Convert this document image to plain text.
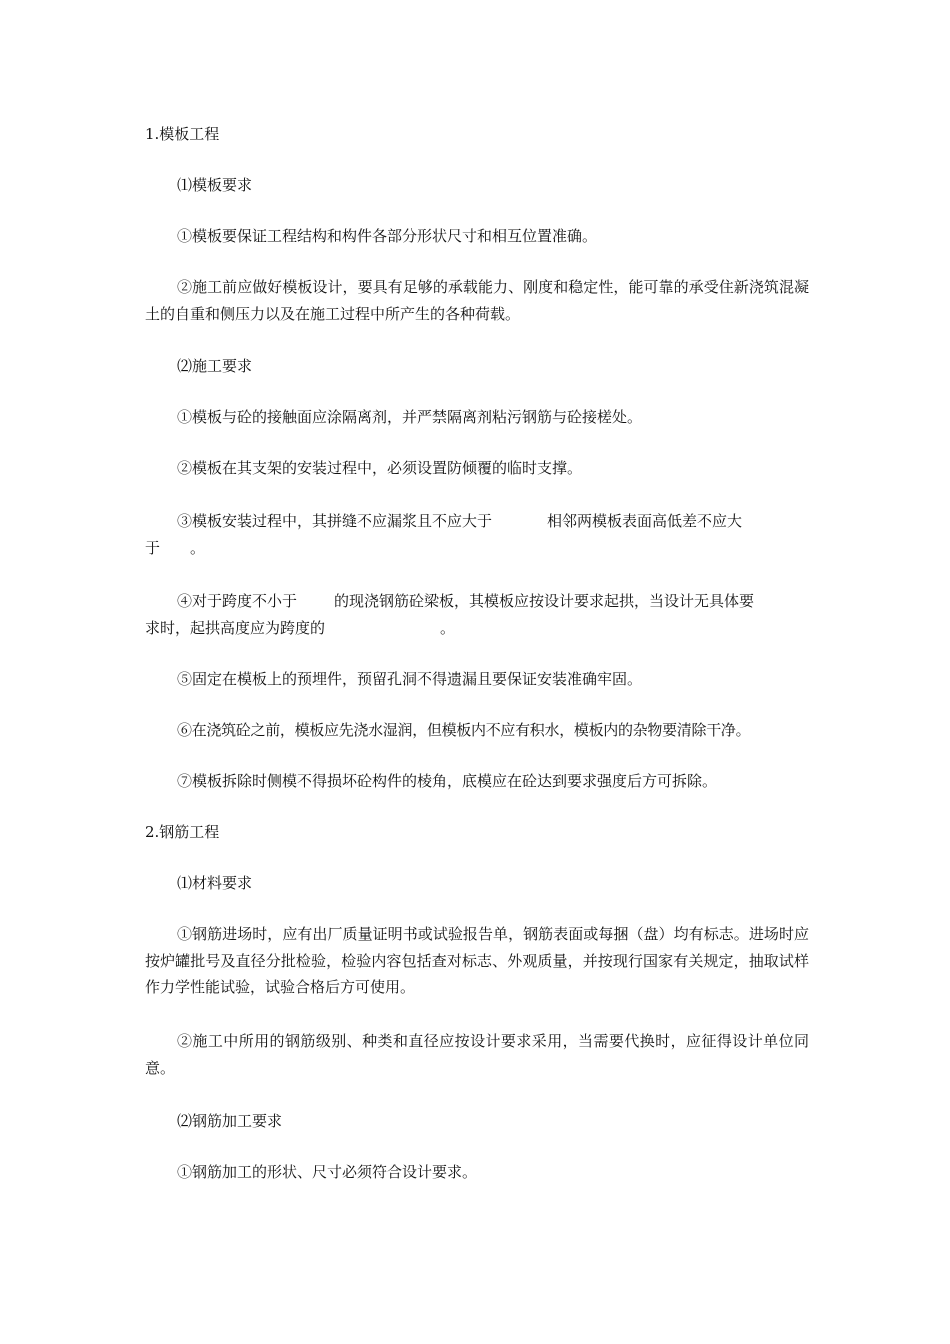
1.模板工程
⑴模板要求
①模板要保证工程结构和构件各部分形状尺寸和相互位置准确。
②施工前应做好模板设计，要具有足够的承载能力、刚度和稳定性，能可靠的承受住新浇筑混凝土的自重和侧压力以及在施工过程中所产生的各种荷载。
⑵施工要求
①模板与砼的接触面应涂隔离剂，并严禁隔离剂粘污钢筋与砼接槎处。
②模板在其支架的安装过程中，必须设置防倾覆的临时支撑。
③模板安装过程中，其拼缝不应漏浆且不应大于	相邻两模板表面高低差不应大
于 。
④对于跨度不小于 的现浇钢筋砼梁板，其模板应按设计要求起拱，当设计无具体要
求时，起拱高度应为跨度的	。
⑤固定在模板上的预埋件，预留孔洞不得遗漏且要保证安装准确牢固。
⑥在浇筑砼之前，模板应先浇水湿润，但模板内不应有积水，模板内的杂物要清除干净。
⑦模板拆除时侧模不得损坏砼构件的棱角，底模应在砼达到要求强度后方可拆除。
2.钢筋工程
⑴材料要求
①钢筋进场时，应有出厂质量证明书或试验报告单，钢筋表面或每捆（盘）均有标志。进场时应按炉罐批号及直径分批检验，检验内容包括查对标志、外观质量，并按现行国家有关规定，抽取试样作力学性能试验，试验合格后方可使用。
②施工中所用的钢筋级别、种类和直径应按设计要求采用，当需要代换时，应征得设计单位同意。
⑵钢筋加工要求
①钢筋加工的形状、尺寸必须符合设计要求。
